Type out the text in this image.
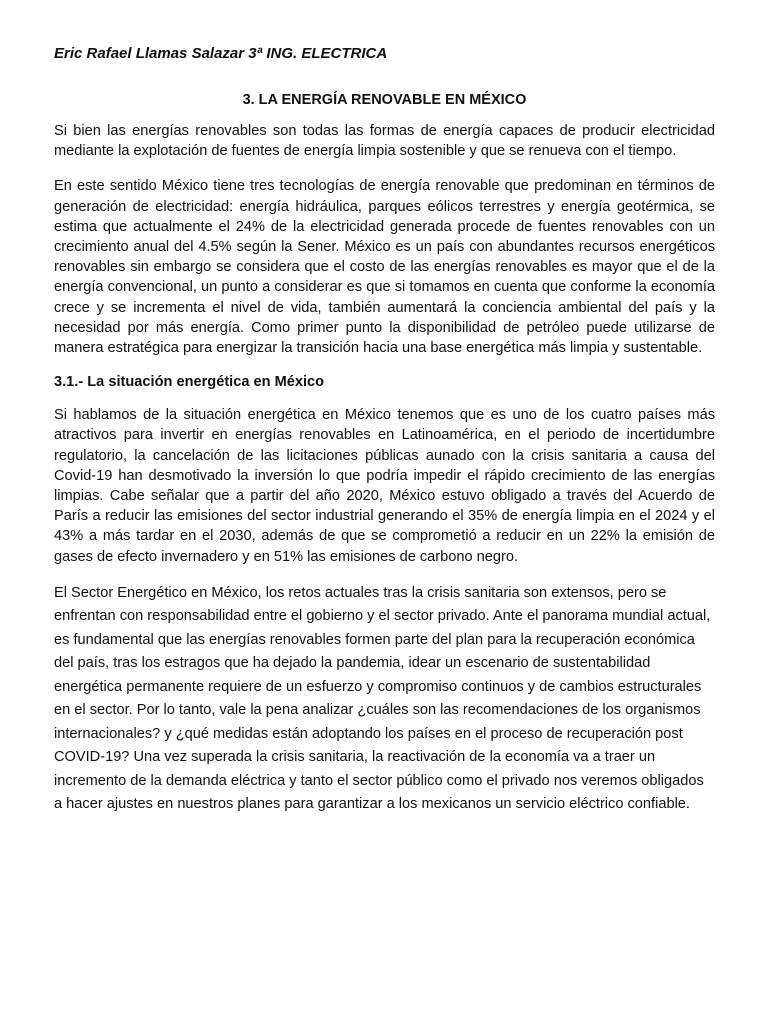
Eric Rafael Llamas Salazar 3ª ING. ELECTRICA

3. LA ENERGÍA RENOVABLE EN MÉXICO

Si bien las energías renovables son todas las formas de energía capaces de producir electricidad mediante la explotación de fuentes de energía limpia sostenible y que se renueva con el tiempo.

En este sentido México tiene tres tecnologías de energía renovable que predominan en términos de generación de electricidad: energía hidráulica, parques eólicos terrestres y energía geotérmica, se estima que actualmente el 24% de la electricidad generada procede de fuentes renovables con un crecimiento anual del 4.5% según la Sener. México es un país con abundantes recursos energéticos renovables sin embargo se considera que el costo de las energías renovables es mayor que el de la energía convencional, un punto a considerar es que si tomamos en cuenta que conforme la economía crece y se incrementa el nivel de vida, también aumentará la conciencia ambiental del país y la necesidad por más energía. Como primer punto la disponibilidad de petróleo puede utilizarse de manera estratégica para energizar la transición hacia una base energética más limpia y sustentable.

3.1.- La situación energética en México

Si hablamos de la situación energética en México tenemos que es uno de los cuatro países más atractivos para invertir en energías renovables en Latinoamérica, en el periodo de incertidumbre regulatorio, la cancelación de las licitaciones públicas aunado con la crisis sanitaria a causa del Covid-19 han desmotivado la inversión lo que podría impedir el rápido crecimiento de las energías limpias. Cabe señalar que a partir del año 2020, México estuvo obligado a través del Acuerdo de París a reducir las emisiones del sector industrial generando el 35% de energía limpia en el 2024 y el 43% a más tardar en el 2030, además de que se comprometió a reducir en un 22% la emisión de gases de efecto invernadero y en 51% las emisiones de carbono negro.

El Sector Energético en México, los retos actuales tras la crisis sanitaria son extensos, pero se enfrentan con responsabilidad entre el gobierno y el sector privado. Ante el panorama mundial actual, es fundamental que las energías renovables formen parte del plan para la recuperación económica del país, tras los estragos que ha dejado la pandemia, idear un escenario de sustentabilidad energética permanente requiere de un esfuerzo y compromiso continuos y de cambios estructurales en el sector. Por lo tanto, vale la pena analizar ¿cuáles son las recomendaciones de los organismos internacionales? y ¿qué medidas están adoptando los países en el proceso de recuperación post COVID-19? Una vez superada la crisis sanitaria, la reactivación de la economía va a traer un incremento de la demanda eléctrica y tanto el sector público como el privado nos veremos obligados a hacer ajustes en nuestros planes para garantizar a los mexicanos un servicio eléctrico confiable.
